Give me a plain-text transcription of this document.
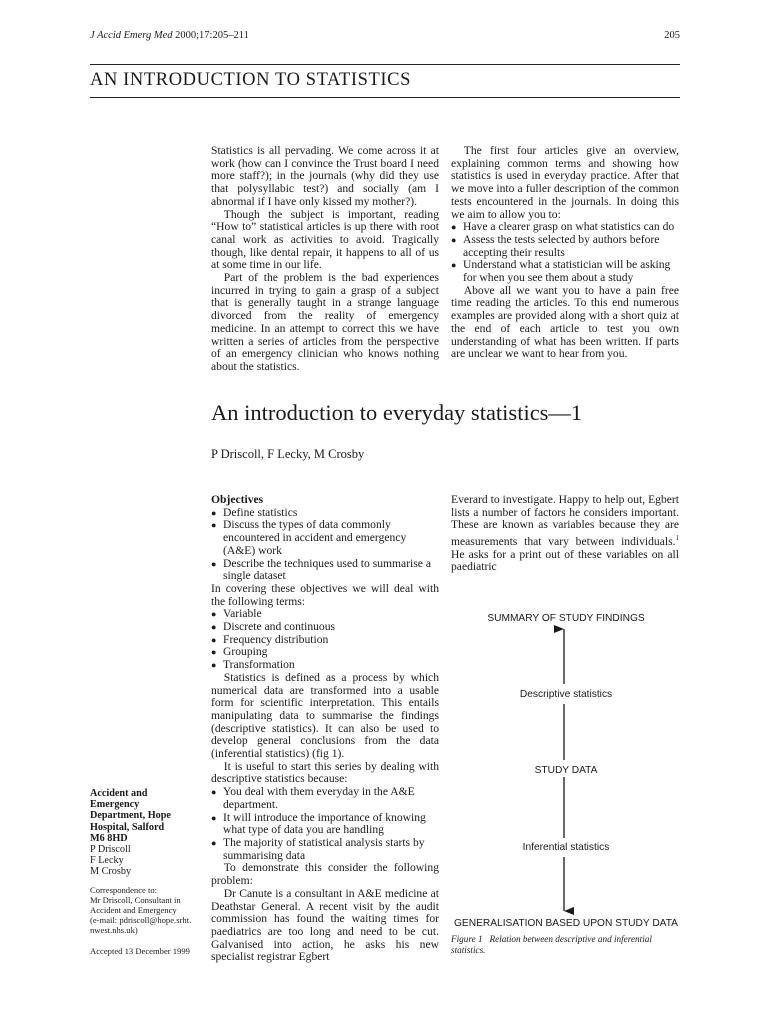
J Accid Emerg Med 2000;17:205–211	205
AN INTRODUCTION TO STATISTICS

Statistics is all pervading. We come across it at work (how can I convince the Trust board I need more staff?); in the journals (why did they use that polysyllabic test?) and socially (am I abnormal if I have only kissed my mother?).

Though the subject is important, reading “How to” statistical articles is up there with root canal work as activities to avoid. Tragically though, like dental repair, it happens to all of us at some time in our life.

Part of the problem is the bad experiences incurred in trying to gain a grasp of a subject that is generally taught in a strange language divorced from the reality of emergency medicine. In an attempt to correct this we have written a series of articles from the perspective of an emergency clinician who knows nothing about the statistics.

The first four articles give an overview, explaining common terms and showing how statistics is used in everyday practice. After that we move into a fuller description of the common tests encountered in the journals. In doing this we aim to allow you to:

● Have a clearer grasp on what statistics can do
● Assess the tests selected by authors before accepting their results
● Understand what a statistician will be asking for when you see them about a study

Above all we want you to have a pain free time reading the articles. To this end numerous examples are provided along with a short quiz at the end of each article to test you own understanding of what has been written. If parts are unclear we want to hear from you.

An introduction to everyday statistics—1
P Driscoll, F Lecky, M Crosby

Objectives

● Define statistics
● Discuss the types of data commonly encountered in accident and emergency (A&E) work
● Describe the techniques used to summarise a single dataset

In covering these objectives we will deal with the following terms:

● Variable
● Discrete and continuous
● Frequency distribution
● Grouping
● Transformation

Statistics is defined as a process by which numerical data are transformed into a usable form for scientific interpretation. This entails manipulating data to summarise the findings (descriptive statistics). It can also be used to develop general conclusions from the data (inferential statistics) (fig 1).

It is useful to start this series by dealing with descriptive statistics because:

● You deal with them everyday in the A&E department.
● It will introduce the importance of knowing what type of data you are handling
● The majority of statistical analysis starts by summarising data

To demonstrate this consider the following problem:

Dr Canute is a consultant in A&E medicine at Deathstar General. A recent visit by the audit commission has found the waiting times for paediatrics are too long and need to be cut. Galvanised into action, he asks his new specialist registrar Egbert

Everard to investigate. Happy to help out, Egbert lists a number of factors he considers important. These are known as variables because they are measurements that vary between individuals.$^1$ He asks for a print out of these variables on all paediatric

SUMMARY OF STUDY FINDINGS
Descriptive statistics
STUDY DATA
Inferential statistics
GENERALISATION BASED UPON STUDY DATA
Figure 1 Relation between descriptive and inferential statistics.
Accident and
Emergency
Department, Hope
Hospital, Salford
M6 8HD
P Driscoll
F Lecky
M Crosby
Correspondence to:
Mr Driscoll, Consultant in
Accident and Emergency
(e-mail: pdriscoll@hope.srht.
nwest.nhs.uk)
Accepted 13 December 1999
